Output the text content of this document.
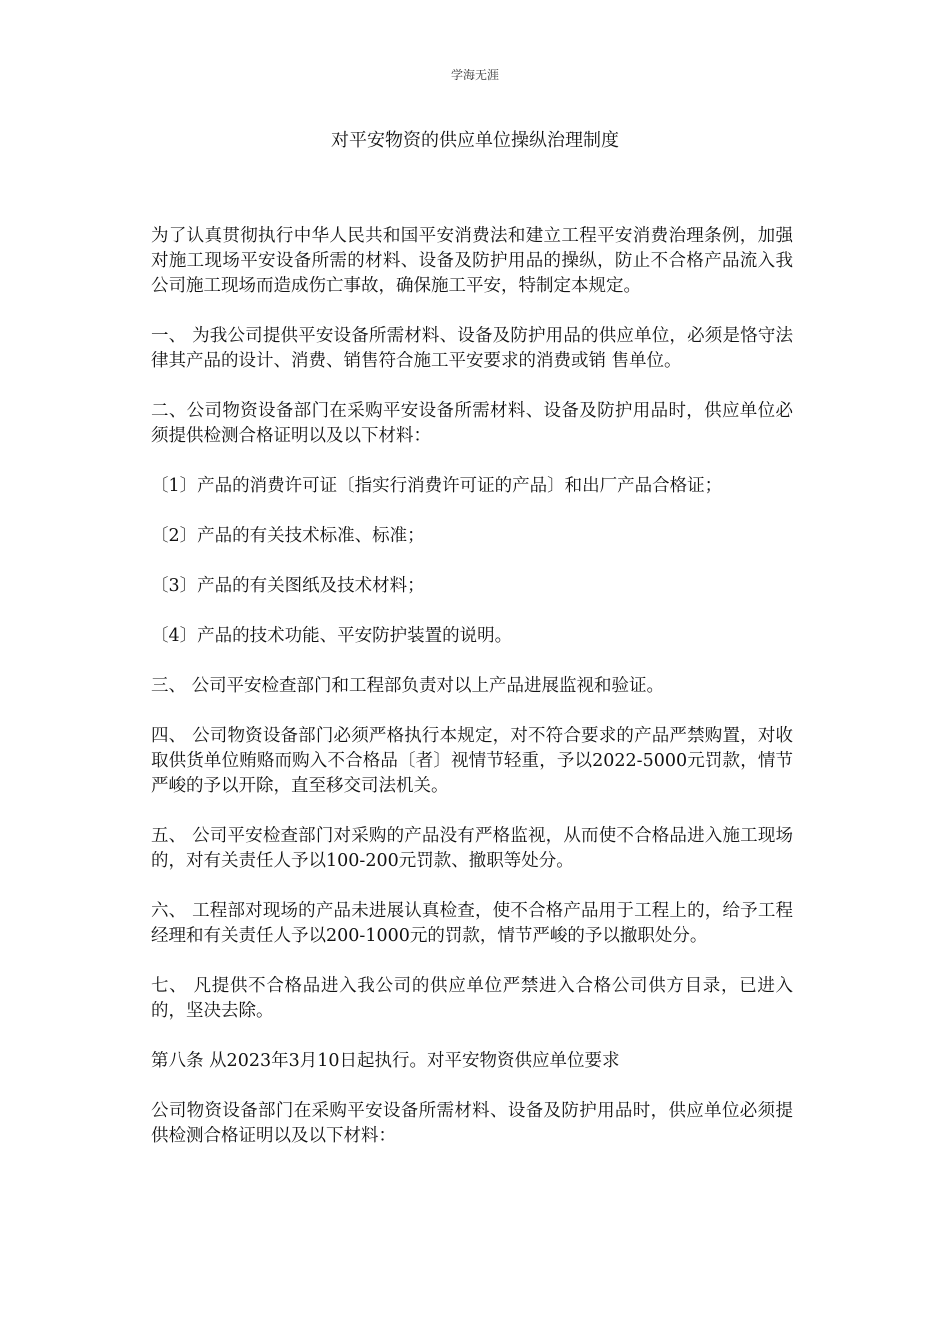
学海无涯
对平安物资的供应单位操纵治理制度

为了认真贯彻执行中华人民共和国平安消费法和建立工程平安消费治理条例，加强对施工现场平安设备所需的材料、设备及防护用品的操纵，防止不合格产品流入我公司施工现场而造成伤亡事故，确保施工平安，特制定本规定。

一、 为我公司提供平安设备所需材料、设备及防护用品的供应单位，必须是恪守法律其产品的设计、消费、销售符合施工平安要求的消费或销 售单位。

二、公司物资设备部门在采购平安设备所需材料、设备及防护用品时，供应单位必须提供检测合格证明以及以下材料：

〔1〕产品的消费许可证〔指实行消费许可证的产品〕和出厂产品合格证；

〔2〕产品的有关技术标准、标准；

〔3〕产品的有关图纸及技术材料；

〔4〕产品的技术功能、平安防护装置的说明。

三、 公司平安检查部门和工程部负责对以上产品进展监视和验证。

四、 公司物资设备部门必须严格执行本规定，对不符合要求的产品严禁购置，对收取供货单位贿赂而购入不合格品〔者〕视情节轻重，予以2022-5000元罚款，情节严峻的予以开除，直至移交司法机关。

五、 公司平安检查部门对采购的产品没有严格监视，从而使不合格品进入施工现场的，对有关责任人予以100-200元罚款、撤职等处分。

六、 工程部对现场的产品未进展认真检查，使不合格产品用于工程上的，给予工程经理和有关责任人予以200-1000元的罚款，情节严峻的予以撤职处分。

七、 凡提供不合格品进入我公司的供应单位严禁进入合格公司供方目录，已进入的，坚决去除。

第八条 从2023年3月10日起执行。对平安物资供应单位要求

公司物资设备部门在采购平安设备所需材料、设备及防护用品时，供应单位必须提供检测合格证明以及以下材料：
